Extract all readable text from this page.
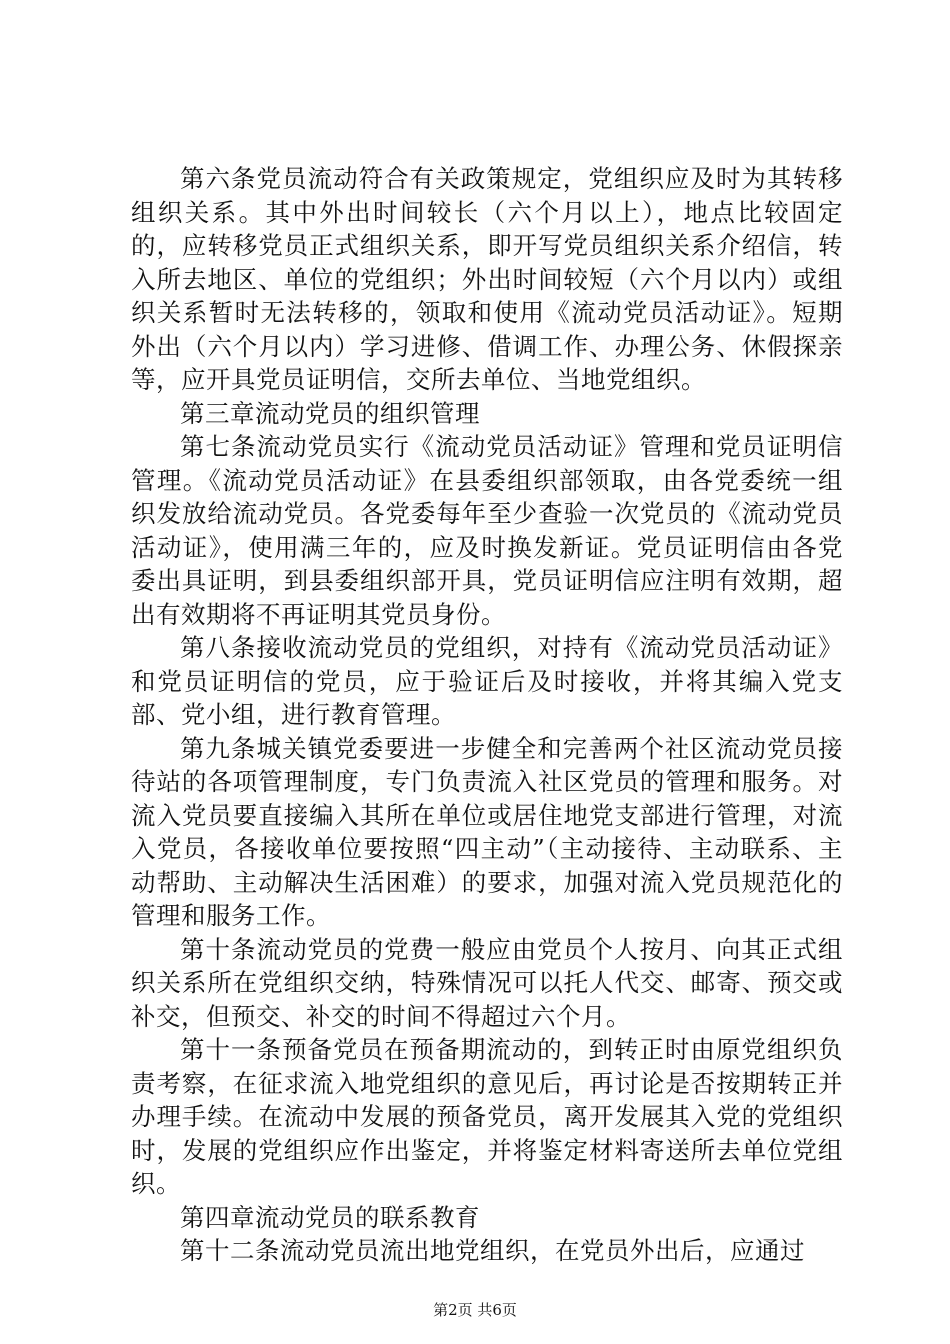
第六条党员流动符合有关政策规定，党组织应及时为其转移组织关系。其中外出时间较长（六个月以上），地点比较固定的，应转移党员正式组织关系，即开写党员组织关系介绍信，转入所去地区、单位的党组织；外出时间较短（六个月以内）或组织关系暂时无法转移的，领取和使用《流动党员活动证》。短期外出（六个月以内）学习进修、借调工作、办理公务、休假探亲等，应开具党员证明信，交所去单位、当地党组织。

第三章流动党员的组织管理

第七条流动党员实行《流动党员活动证》管理和党员证明信管理。《流动党员活动证》在县委组织部领取，由各党委统一组织发放给流动党员。各党委每年至少查验一次党员的《流动党员活动证》，使用满三年的，应及时换发新证。党员证明信由各党委出具证明，到县委组织部开具，党员证明信应注明有效期，超出有效期将不再证明其党员身份。

第八条接收流动党员的党组织，对持有《流动党员活动证》和党员证明信的党员，应于验证后及时接收，并将其编入党支部、党小组，进行教育管理。

第九条城关镇党委要进一步健全和完善两个社区流动党员接待站的各项管理制度，专门负责流入社区党员的管理和服务。对流入党员要直接编入其所在单位或居住地党支部进行管理，对流入党员，各接收单位要按照“四主动”（主动接待、主动联系、主动帮助、主动解决生活困难）的要求，加强对流入党员规范化的管理和服务工作。

第十条流动党员的党费一般应由党员个人按月、向其正式组织关系所在党组织交纳，特殊情况可以托人代交、邮寄、预交或补交，但预交、补交的时间不得超过六个月。

第十一条预备党员在预备期流动的，到转正时由原党组织负责考察，在征求流入地党组织的意见后，再讨论是否按期转正并办理手续。在流动中发展的预备党员，离开发展其入党的党组织时，发展的党组织应作出鉴定，并将鉴定材料寄送所去单位党组织。

第四章流动党员的联系教育

第十二条流动党员流出地党组织，在党员外出后，应通过

第2页 共6页
